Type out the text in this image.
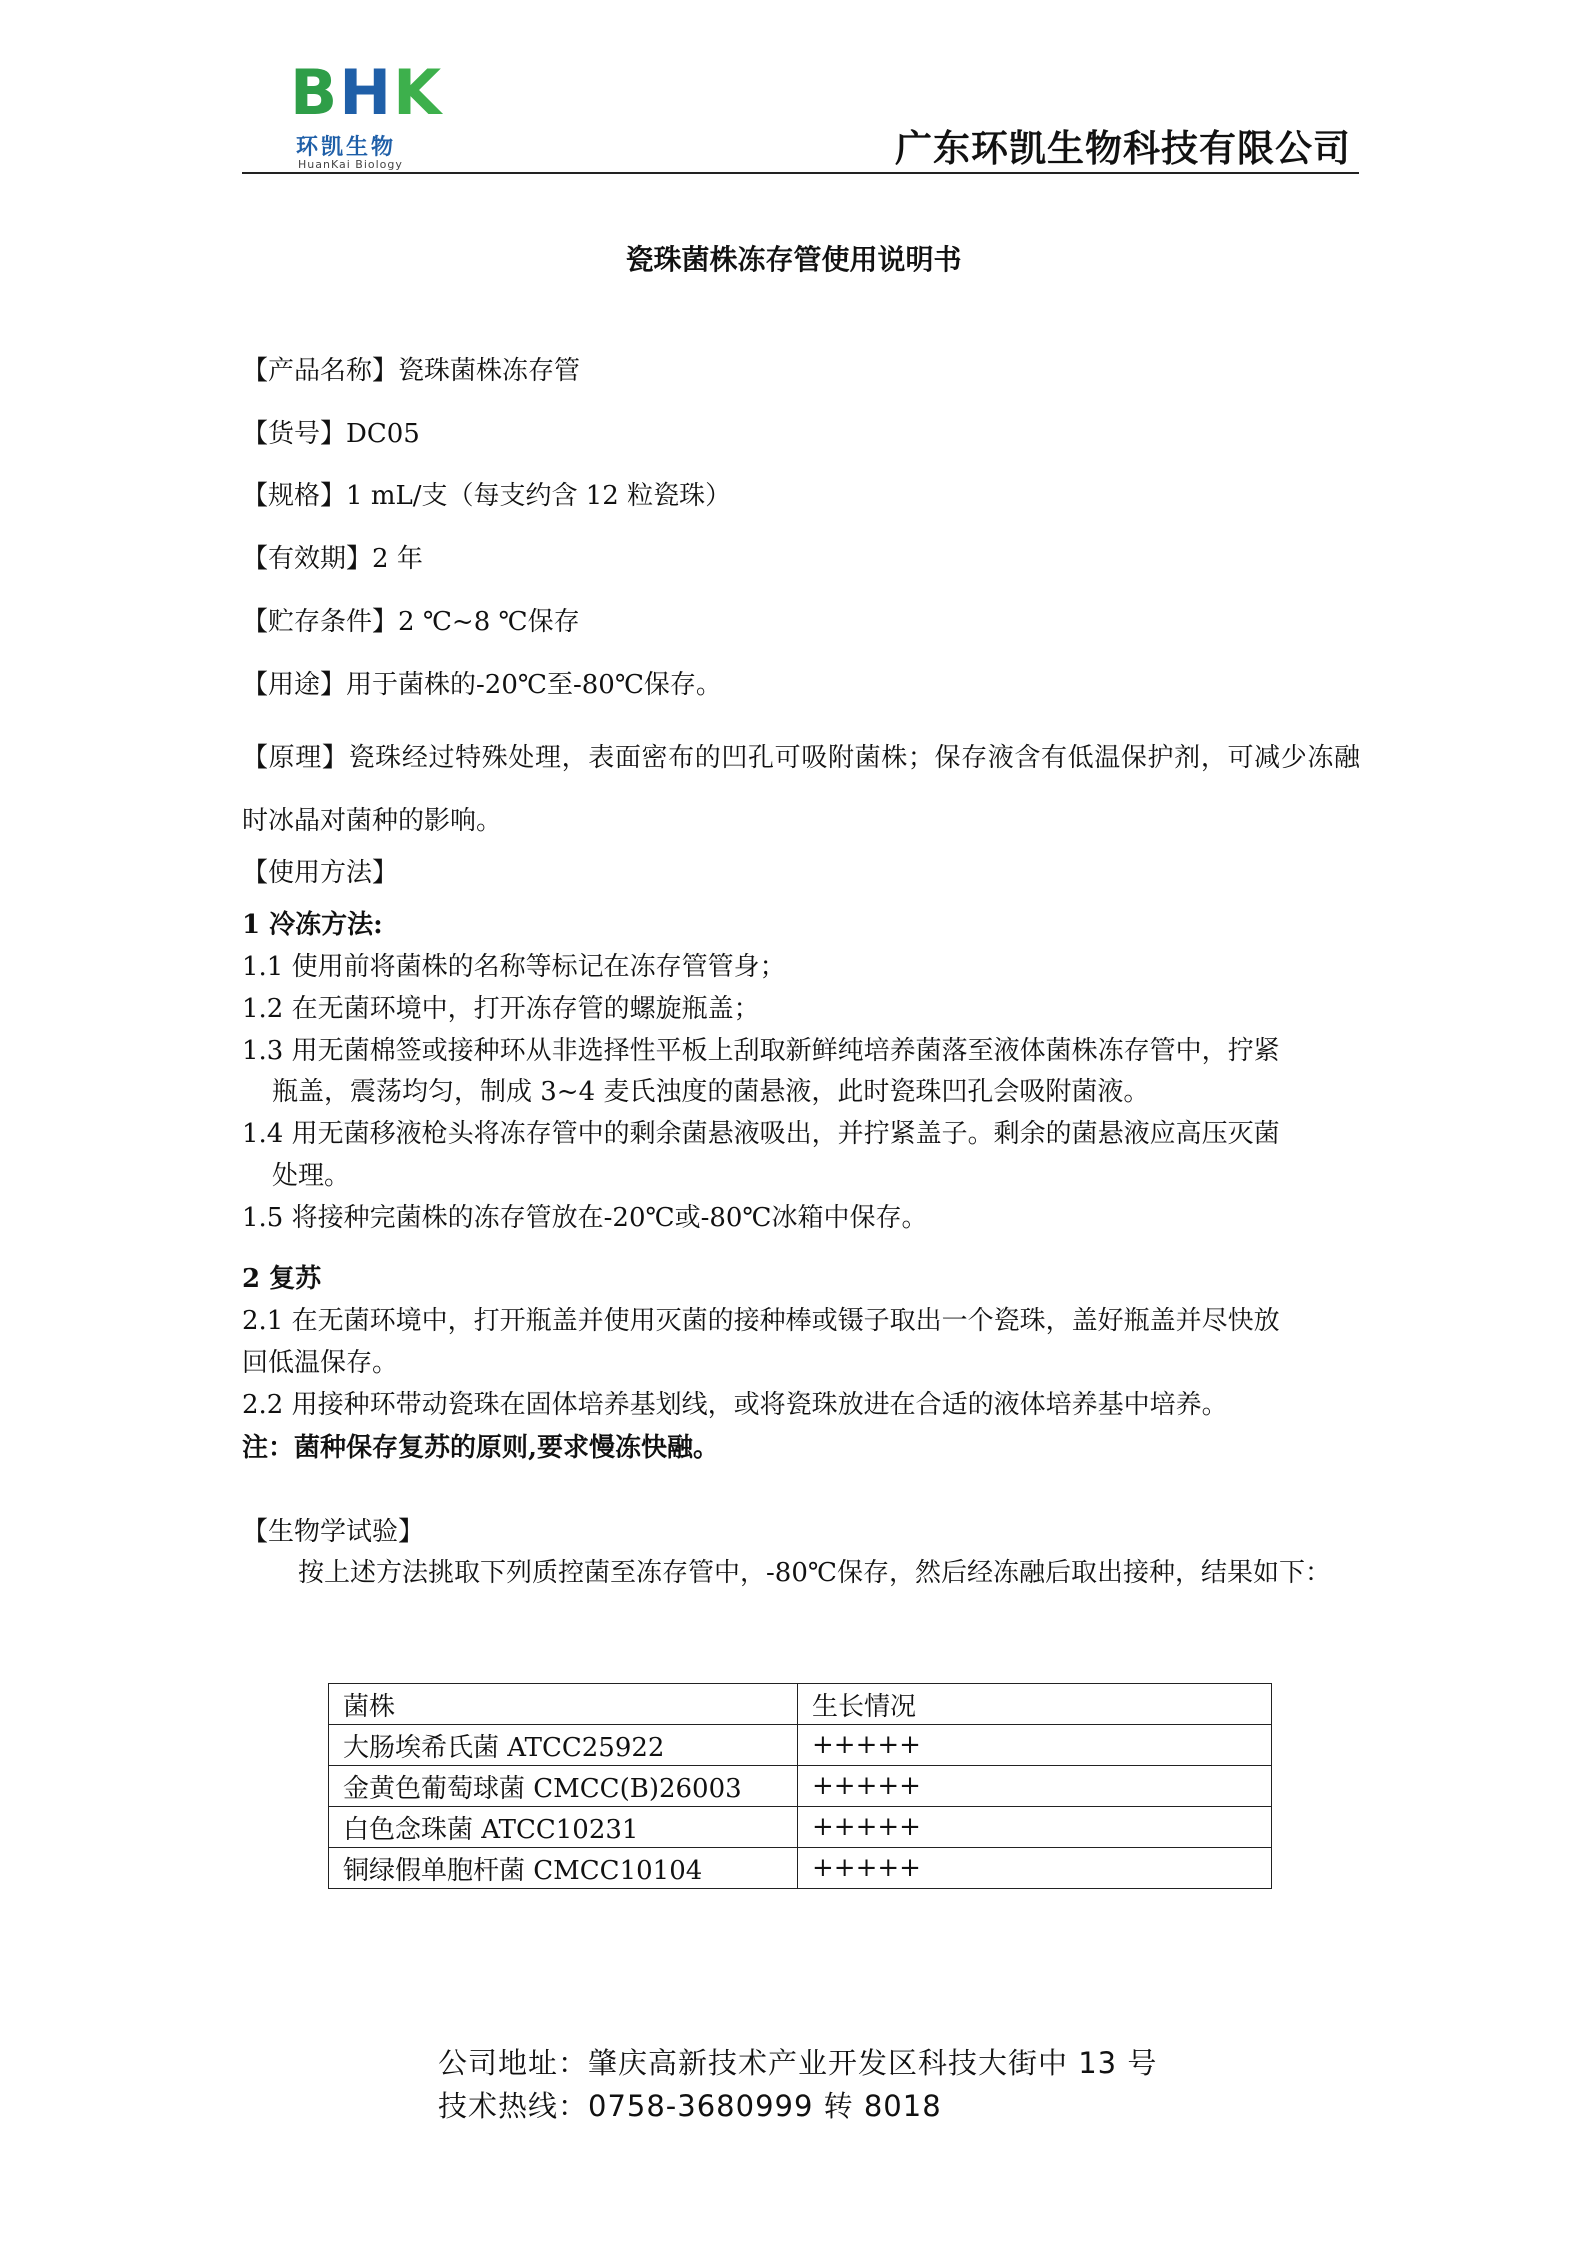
BHK
环凯生物
HuanKai Biology	广东环凯生物科技有限公司
瓷珠菌株冻存管使用说明书
【产品名称】瓷珠菌株冻存管
【货号】DC05
【规格】1 mL/支（每支约含 12 粒瓷珠）
【有效期】2 年
【贮存条件】2 ℃~8 ℃保存
【用途】用于菌株的-20℃至-80℃保存。
【原理】瓷珠经过特殊处理，表面密布的凹孔可吸附菌株；保存液含有低温保护剂，可减少冻融时冰晶对菌种的影响。
【使用方法】
1 冷冻方法:
1.1 使用前将菌株的名称等标记在冻存管管身；
1.2 在无菌环境中，打开冻存管的螺旋瓶盖；
1.3 用无菌棉签或接种环从非选择性平板上刮取新鲜纯培养菌落至液体菌株冻存管中，拧紧
瓶盖，震荡均匀，制成 3~4 麦氏浊度的菌悬液，此时瓷珠凹孔会吸附菌液。
1.4 用无菌移液枪头将冻存管中的剩余菌悬液吸出，并拧紧盖子。剩余的菌悬液应高压灭菌
处理。
1.5 将接种完菌株的冻存管放在-20℃或-80℃冰箱中保存。
2 复苏
2.1 在无菌环境中，打开瓶盖并使用灭菌的接种棒或镊子取出一个瓷珠，盖好瓶盖并尽快放
回低温保存。
2.2 用接种环带动瓷珠在固体培养基划线，或将瓷珠放进在合适的液体培养基中培养。
注：菌种保存复苏的原则,要求慢冻快融。
【生物学试验】
按上述方法挑取下列质控菌至冻存管中，-80℃保存，然后经冻融后取出接种，结果如下：
菌株	生长情况
大肠埃希氏菌 ATCC25922	+++++
金黄色葡萄球菌 CMCC(B)26003	+++++
白色念珠菌 ATCC10231	+++++
铜绿假单胞杆菌 CMCC10104	+++++
公司地址：肇庆高新技术产业开发区科技大街中 13 号
技术热线：0758-3680999 转 8018
